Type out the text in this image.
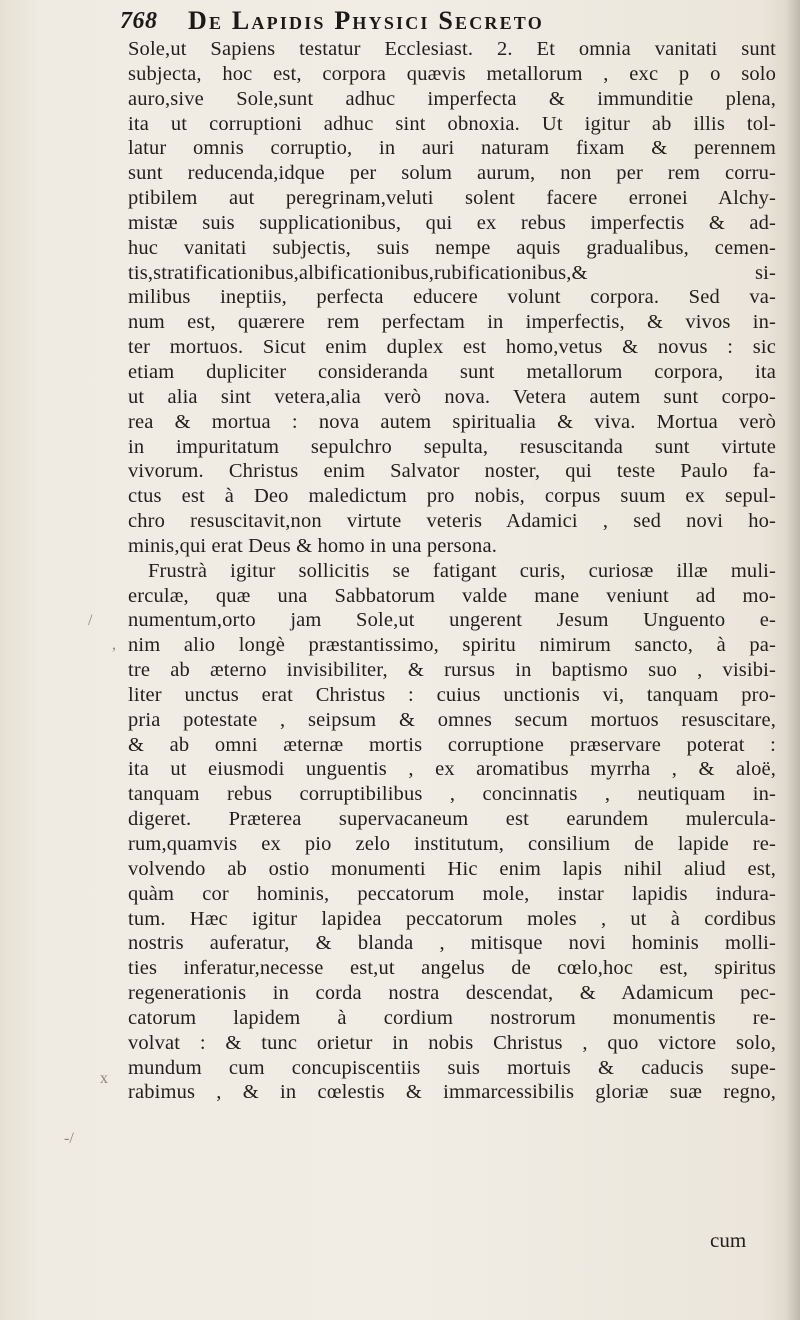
768 De Lapidis Physici Secreto
Sole,ut Sapiens testatur Ecclesiast. 2. Et omnia vanitati sunt
subjecta, hoc est, corpora quævis metallorum , exc p o solo
auro,sive Sole,sunt adhuc imperfecta & immunditie plena,
ita ut corruptioni adhuc sint obnoxia. Ut igitur ab illis tol-
latur omnis corruptio, in auri naturam fixam & perennem
sunt reducenda,idque per solum aurum, non per rem corru-
ptibilem aut peregrinam,veluti solent facere erronei Alchy-
mistæ suis supplicationibus, qui ex rebus imperfectis & ad-
huc vanitati subjectis, suis nempe aquis gradualibus, cemen-
tis,stratificationibus,albificationibus,rubificationibus,& si-
milibus ineptiis, perfecta educere volunt corpora. Sed va-
num est, quærere rem perfectam in imperfectis, & vivos in-
ter mortuos. Sicut enim duplex est homo,vetus & novus : sic
etiam dupliciter consideranda sunt metallorum corpora, ita
ut alia sint vetera,alia verò nova. Vetera autem sunt corpo-
rea & mortua : nova autem spiritualia & viva. Mortua verò
in impuritatum sepulchro sepulta, resuscitanda sunt virtute
vivorum. Christus enim Salvator noster, qui teste Paulo fa-
ctus est à Deo maledictum pro nobis, corpus suum ex sepul-
chro resuscitavit,non virtute veteris Adamici , sed novi ho-
minis,qui erat Deus & homo in una persona.
Frustrà igitur sollicitis se fatigant curis, curiosæ illæ muli-
erculæ, quæ una Sabbatorum valde mane veniunt ad mo-
numentum,orto jam Sole,ut ungerent Jesum Unguento e-
nim alio longè præstantissimo, spiritu nimirum sancto, à pa-
tre ab æterno invisibiliter, & rursus in baptismo suo , visibi-
liter unctus erat Christus : cuius unctionis vi, tanquam pro-
pria potestate , seipsum & omnes secum mortuos resuscitare,
& ab omni æternæ mortis corruptione præservare poterat :
ita ut eiusmodi unguentis , ex aromatibus myrrha , & aloë,
tanquam rebus corruptibilibus , concinnatis , neutiquam in-
digeret. Præterea supervacaneum est earundem mulercula-
rum,quamvis ex pio zelo institutum, consilium de lapide re-
volvendo ab ostio monumenti Hic enim lapis nihil aliud est,
quàm cor hominis, peccatorum mole, instar lapidis indura-
tum. Hæc igitur lapidea peccatorum moles , ut à cordibus
nostris auferatur, & blanda , mitisque novi hominis molli-
ties inferatur,necesse est,ut angelus de cœlo,hoc est, spiritus
regenerationis in corda nostra descendat, & Adamicum pec-
catorum lapidem à cordium nostrorum monumentis re-
volvat : & tunc orietur in nobis Christus , quo victore solo,
mundum cum concupiscentiis suis mortuis & caducis supe-
rabimus , & in cœlestis & immarcessibilis gloriæ suæ regno,
cum
/
,
x
-/
